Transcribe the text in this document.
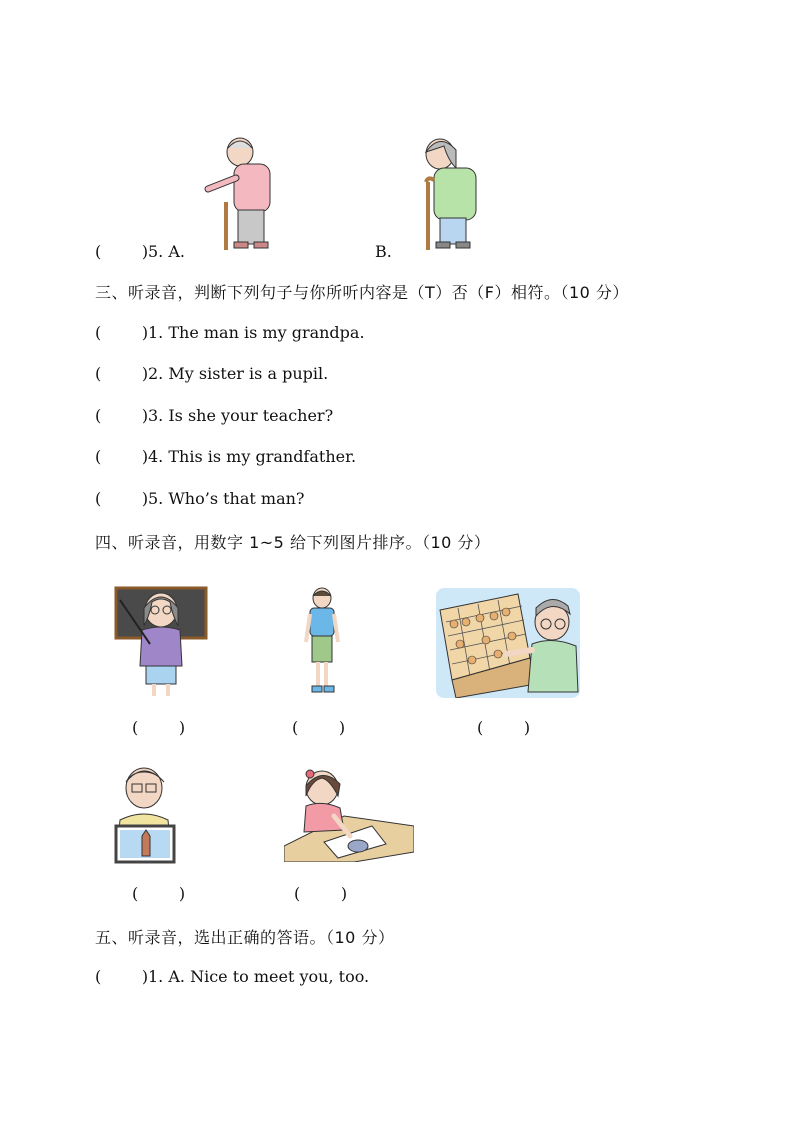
(        ) 5. A.	B.
三、听录音，判断下列句子与你所听内容是（T）否（F）相符。（10 分）
(        ) 1. The man is my grandpa.
(        ) 2. My sister is a pupil.
(        ) 3. Is she your teacher?
(        ) 4. This is my grandfather.
(        ) 5. Who’s that man?
四、听录音，用数字 1~5 给下列图片排序。（10 分）
(        )	(        )	(        )
(        )	(        )
五、听录音，选出正确的答语。（10 分）
(        ) 1. A. Nice to meet you, too.
